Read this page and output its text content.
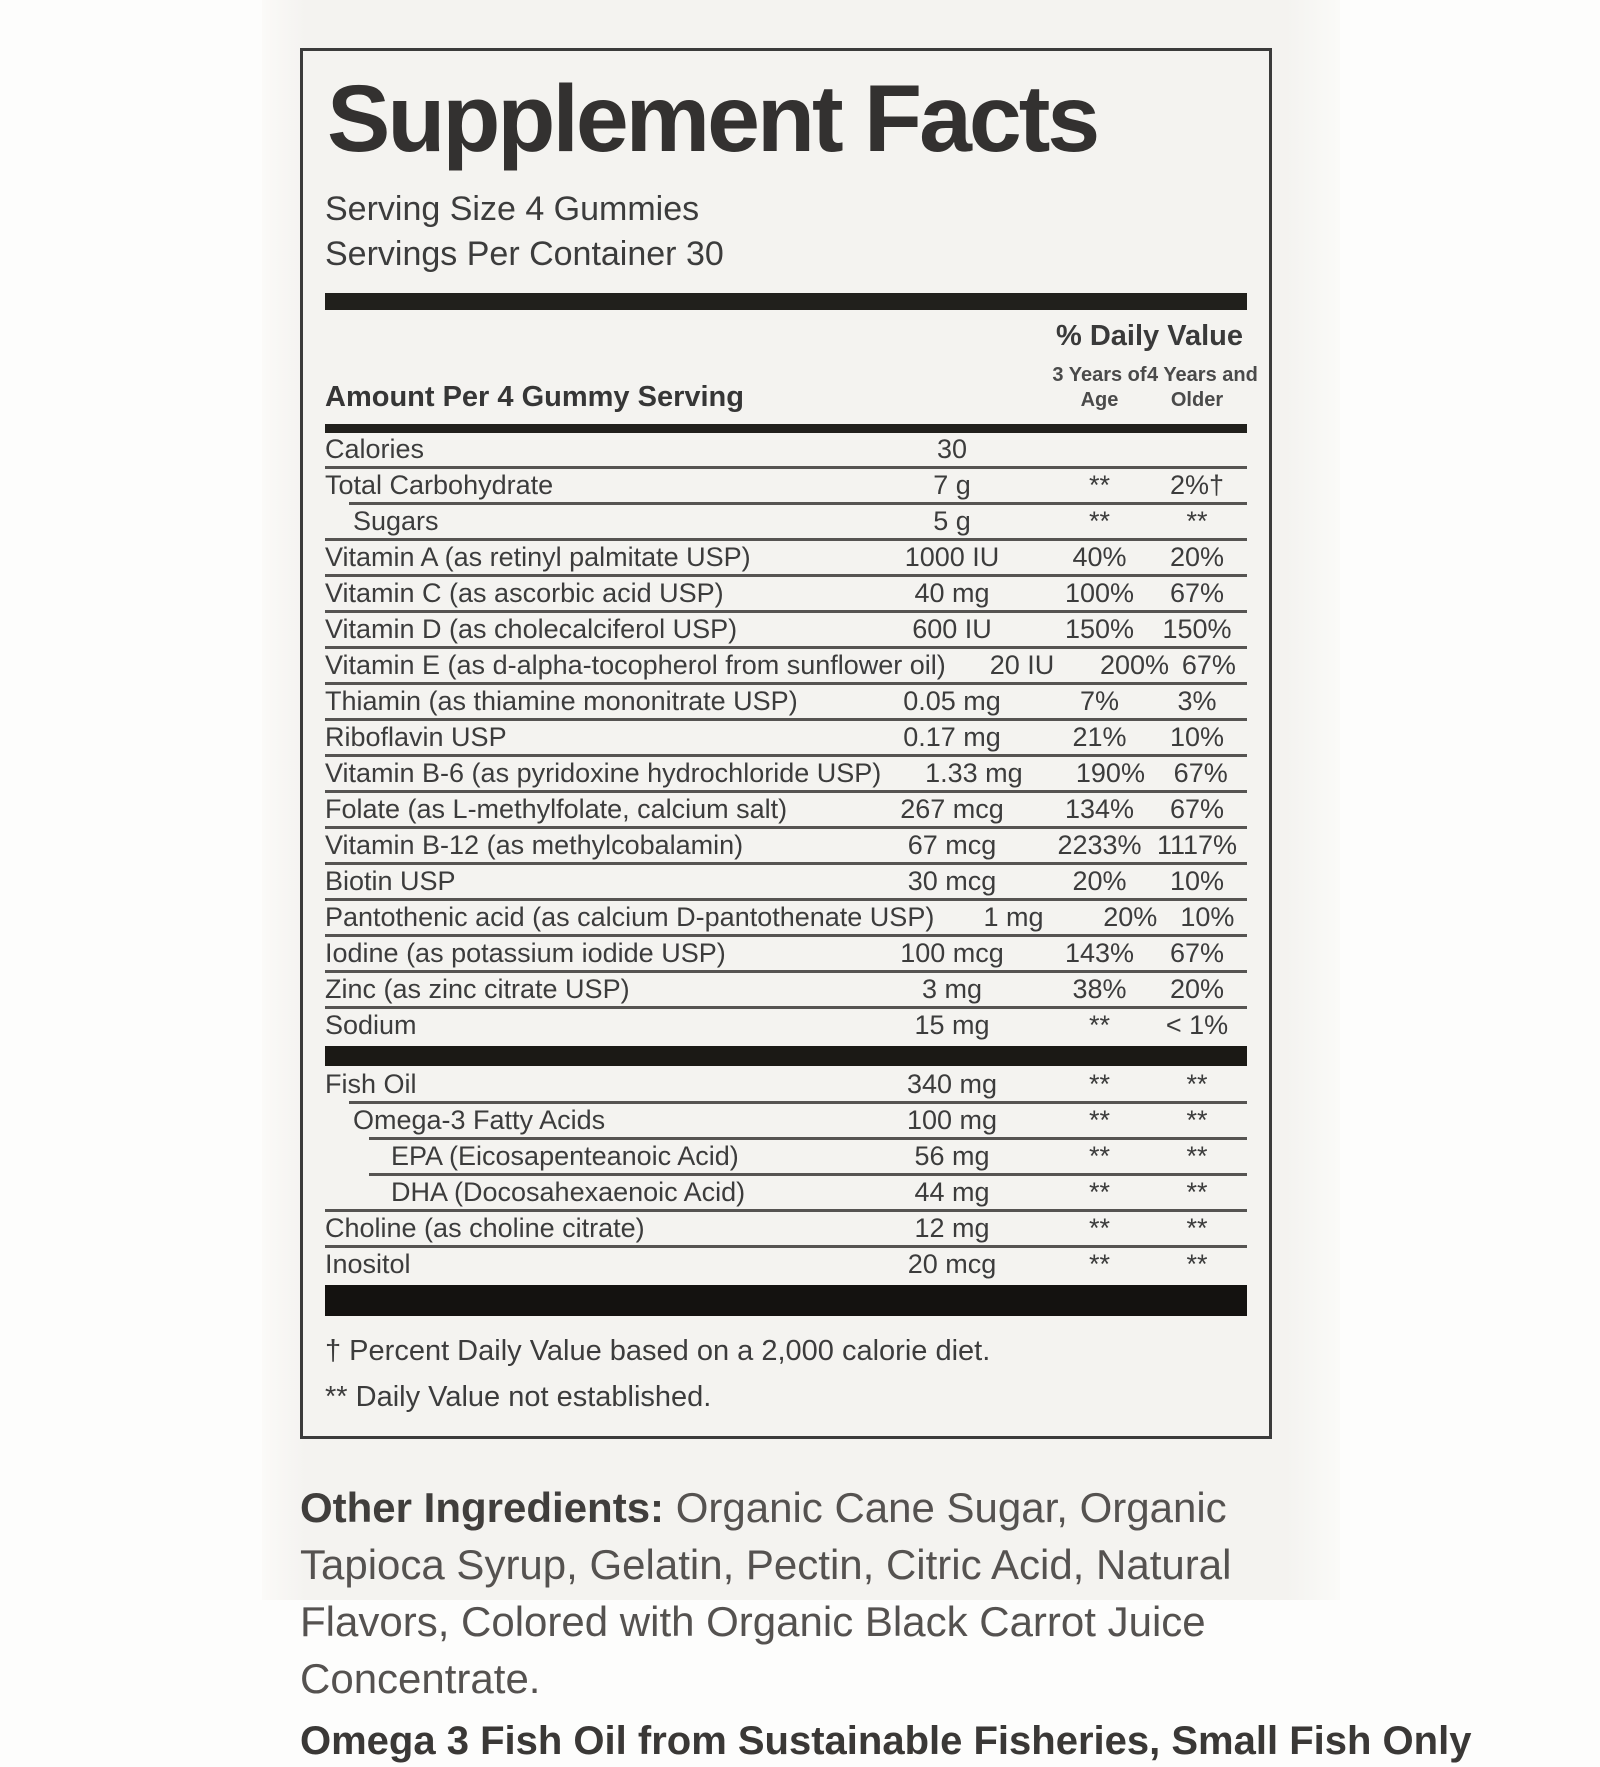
Supplement Facts
Serving Size 4 Gummies
Servings Per Container 30
Amount Per 4 Gummy Serving
% Daily Value
3 Years of
Age
4 Years and
Older
Calories	30
Total Carbohydrate	7 g	**	2%†
Sugars	5 g	**	**
Vitamin A (as retinyl palmitate USP)	1000 IU	40%	20%
Vitamin C (as ascorbic acid USP)	40 mg	100%	67%
Vitamin D (as cholecalciferol USP)	600 IU	150%	150%
Vitamin E (as d-alpha-tocopherol from sunflower oil)	20 IU	200% 67%
Thiamin (as thiamine mononitrate USP)	0.05 mg	7%	3%
Riboflavin USP	0.17 mg	21%	10%
Vitamin B-6 (as pyridoxine hydrochloride USP)	1.33 mg	190%	67%
Folate (as L-methylfolate, calcium salt)	267 mcg	134%	67%
Vitamin B-12 (as methylcobalamin)	67 mcg	2233% 1117%
Biotin USP	30 mcg	20%	10%
Pantothenic acid (as calcium D-pantothenate USP)	1 mg	20% 10%
Iodine (as potassium iodide USP)	100 mcg	143%	67%
Zinc (as zinc citrate USP)	3 mg	38%	20%
Sodium	15 mg	**	< 1%
Fish Oil	340 mg	**	**
Omega-3 Fatty Acids	100 mg	**	**
EPA (Eicosapenteanoic Acid)	56 mg	**	**
DHA (Docosahexaenoic Acid)	44 mg	**	**
Choline (as choline citrate)	12 mg	**	**
Inositol	20 mcg	**	**
† Percent Daily Value based on a 2,000 calorie diet.
** Daily Value not established.

Other Ingredients: Organic Cane Sugar, Organic Tapioca Syrup, Gelatin, Pectin, Citric Acid, Natural Flavors, Colored with Organic Black Carrot Juice Concentrate.

Omega 3 Fish Oil from Sustainable Fisheries, Small Fish Only
